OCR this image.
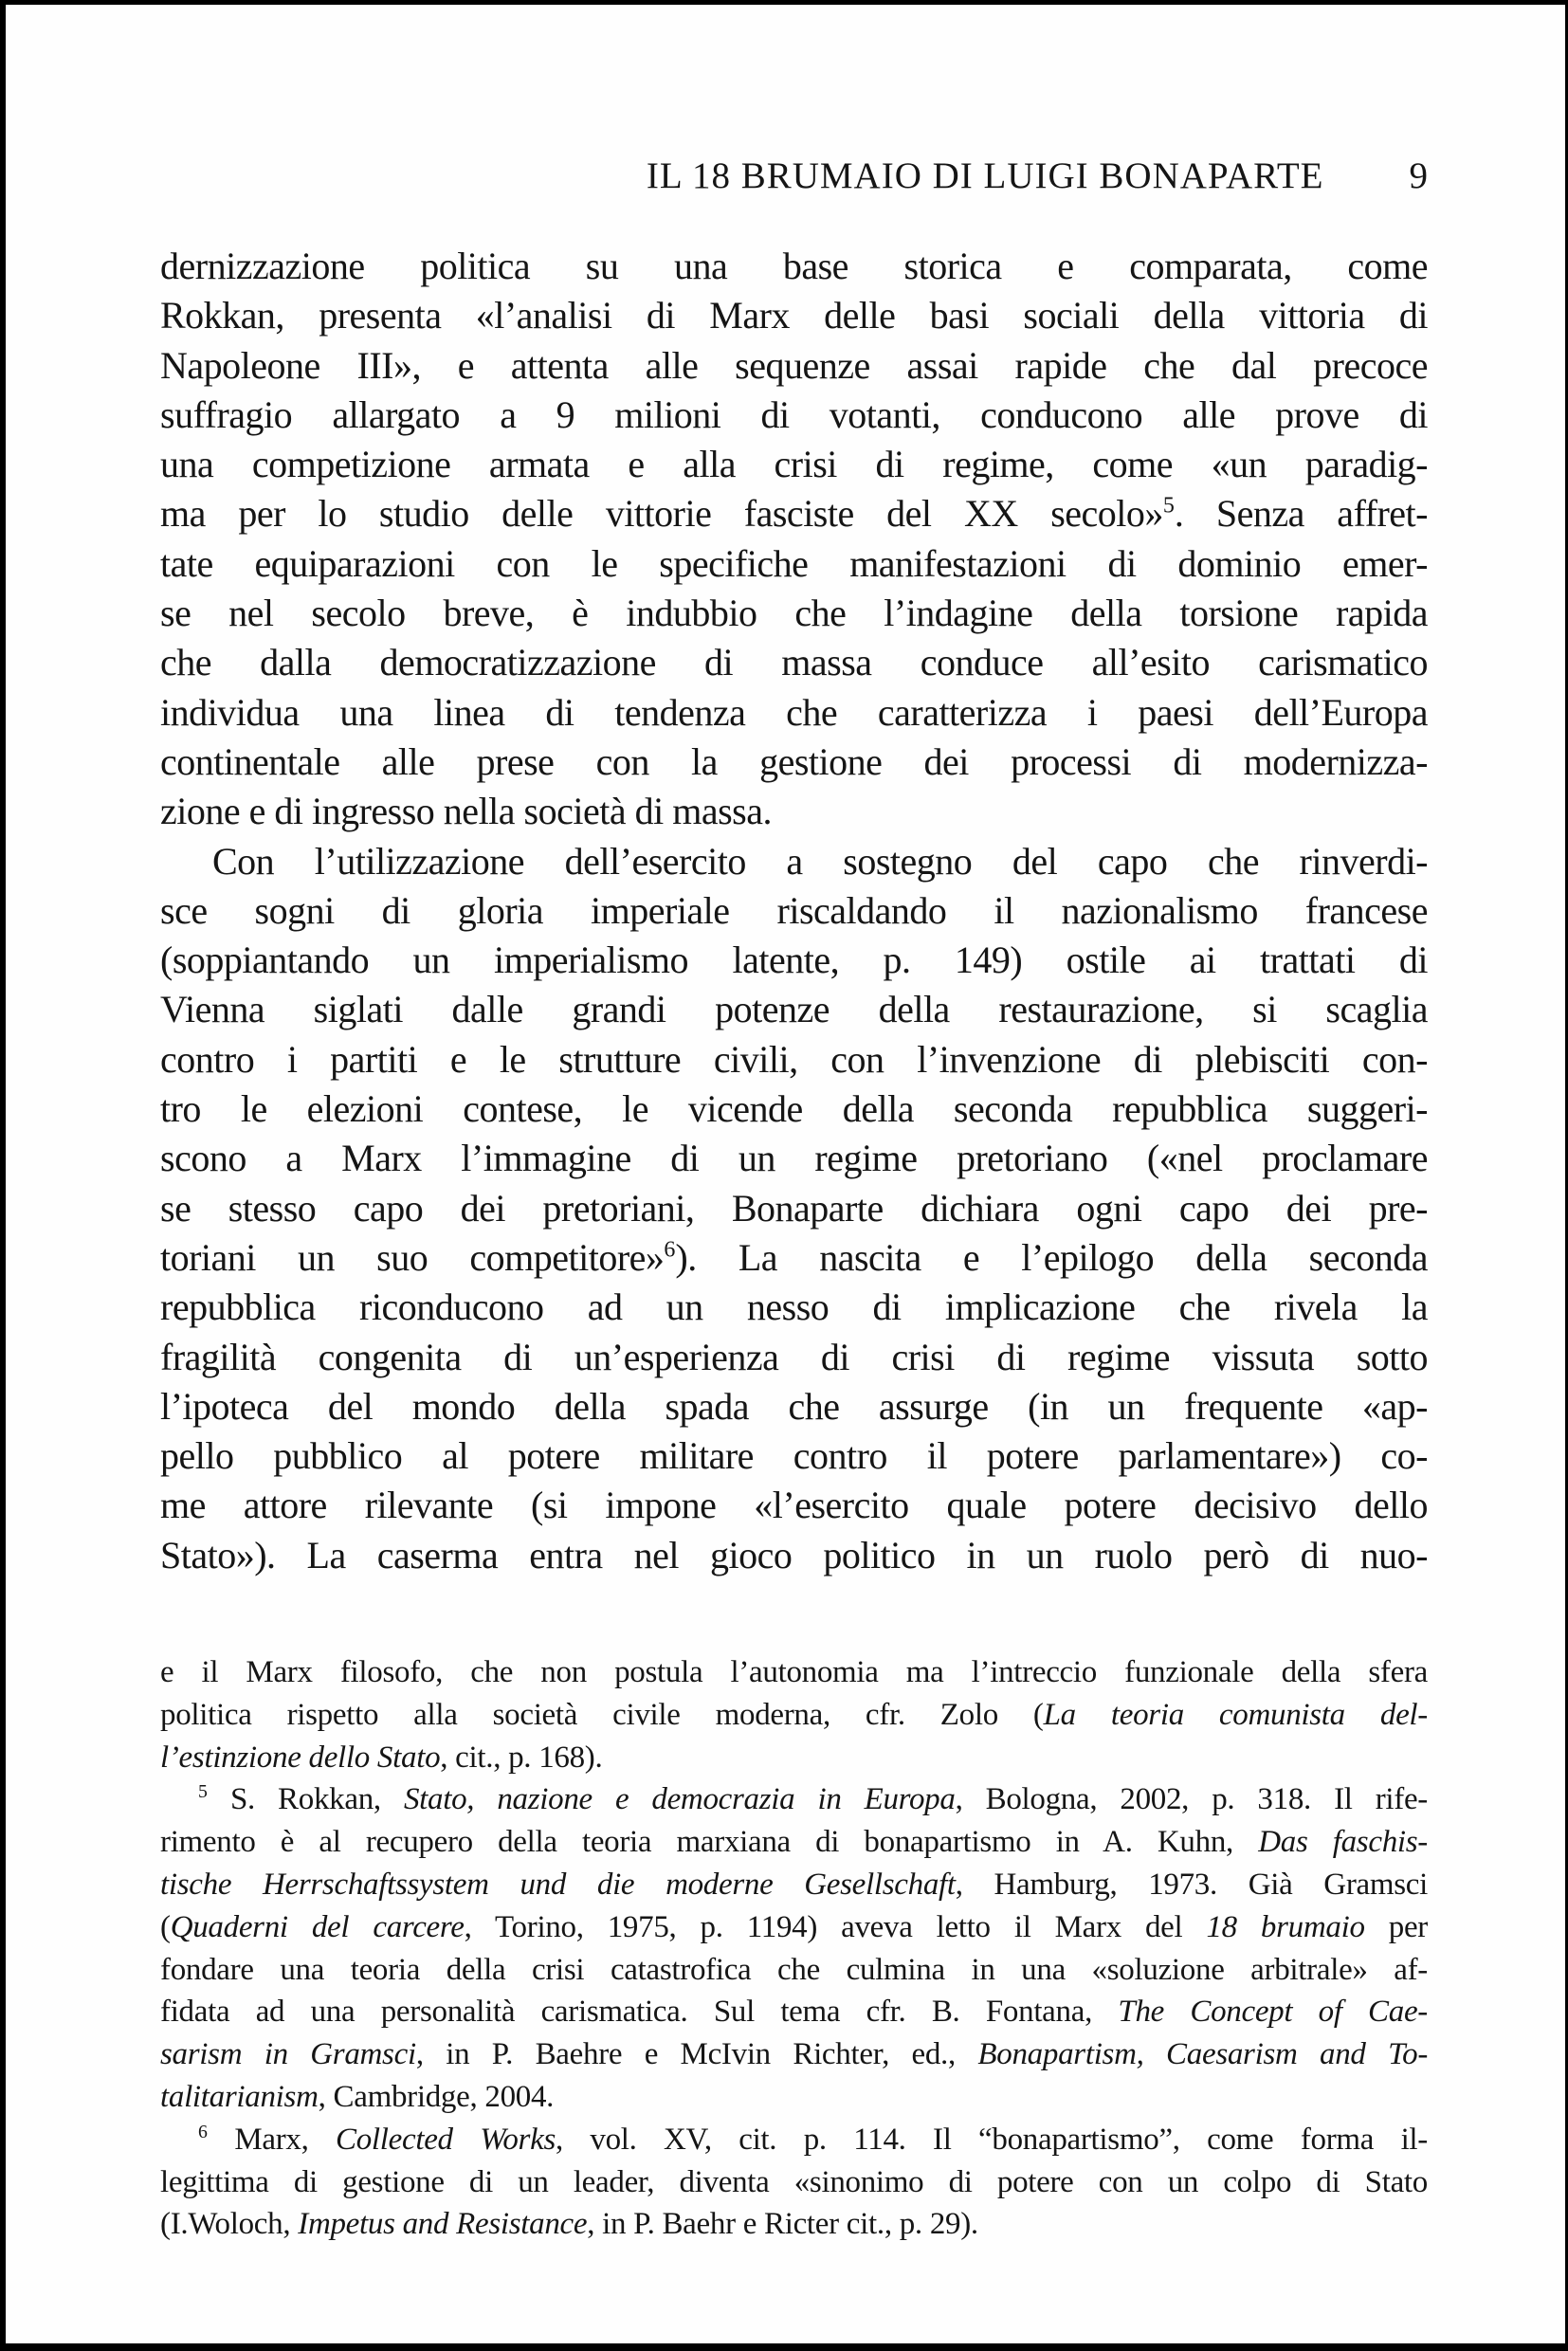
IL 18 BRUMAIO DI LUIGI BONAPARTE 9
dernizzazione politica su una base storica e comparata, come
Rokkan, presenta «l’analisi di Marx delle basi sociali della vittoria di
Napoleone III», e attenta alle sequenze assai rapide che dal precoce
suffragio allargato a 9 milioni di votanti, conducono alle prove di
una competizione armata e alla crisi di regime, come «un paradig-
ma per lo studio delle vittorie fasciste del XX secolo»$^5$. Senza affret-
tate equiparazioni con le specifiche manifestazioni di dominio emer-
se nel secolo breve, è indubbio che l’indagine della torsione rapida
che dalla democratizzazione di massa conduce all’esito carismatico
individua una linea di tendenza che caratterizza i paesi dell’Europa
continentale alle prese con la gestione dei processi di modernizza-
zione e di ingresso nella società di massa.
Con l’utilizzazione dell’esercito a sostegno del capo che rinverdi-
sce sogni di gloria imperiale riscaldando il nazionalismo francese
(soppiantando un imperialismo latente, p. 149) ostile ai trattati di
Vienna siglati dalle grandi potenze della restaurazione, si scaglia
contro i partiti e le strutture civili, con l’invenzione di plebisciti con-
tro le elezioni contese, le vicende della seconda repubblica suggeri-
scono a Marx l’immagine di un regime pretoriano («nel proclamare
se stesso capo dei pretoriani, Bonaparte dichiara ogni capo dei pre-
toriani un suo competitore»$^6$). La nascita e l’epilogo della seconda
repubblica riconducono ad un nesso di implicazione che rivela la
fragilità congenita di un’esperienza di crisi di regime vissuta sotto
l’ipoteca del mondo della spada che assurge (in un frequente «ap-
pello pubblico al potere militare contro il potere parlamentare») co-
me attore rilevante (si impone «l’esercito quale potere decisivo dello
Stato»). La caserma entra nel gioco politico in un ruolo però di nuo-
e il Marx filosofo, che non postula l’autonomia ma l’intreccio funzionale della sfera
politica rispetto alla società civile moderna, cfr. Zolo (La teoria comunista del-
l’estinzione dello Stato, cit., p. 168).
$^5$ S. Rokkan, Stato, nazione e democrazia in Europa, Bologna, 2002, p. 318. Il rife-
rimento è al recupero della teoria marxiana di bonapartismo in A. Kuhn, Das faschis-
tische Herrschaftssystem und die moderne Gesellschaft, Hamburg, 1973. Già Gramsci
(Quaderni del carcere, Torino, 1975, p. 1194) aveva letto il Marx del 18 brumaio per
fondare una teoria della crisi catastrofica che culmina in una «soluzione arbitrale» af-
fidata ad una personalità carismatica. Sul tema cfr. B. Fontana, The Concept of Cae-
sarism in Gramsci, in P. Baehre e McIvin Richter, ed., Bonapartism, Caesarism and To-
talitarianism, Cambridge, 2004.
$^6$ Marx, Collected Works, vol. XV, cit. p. 114. Il “bonapartismo”, come forma il-
legittima di gestione di un leader, diventa «sinonimo di potere con un colpo di Stato
(I.Woloch, Impetus and Resistance, in P. Baehr e Ricter cit., p. 29).
